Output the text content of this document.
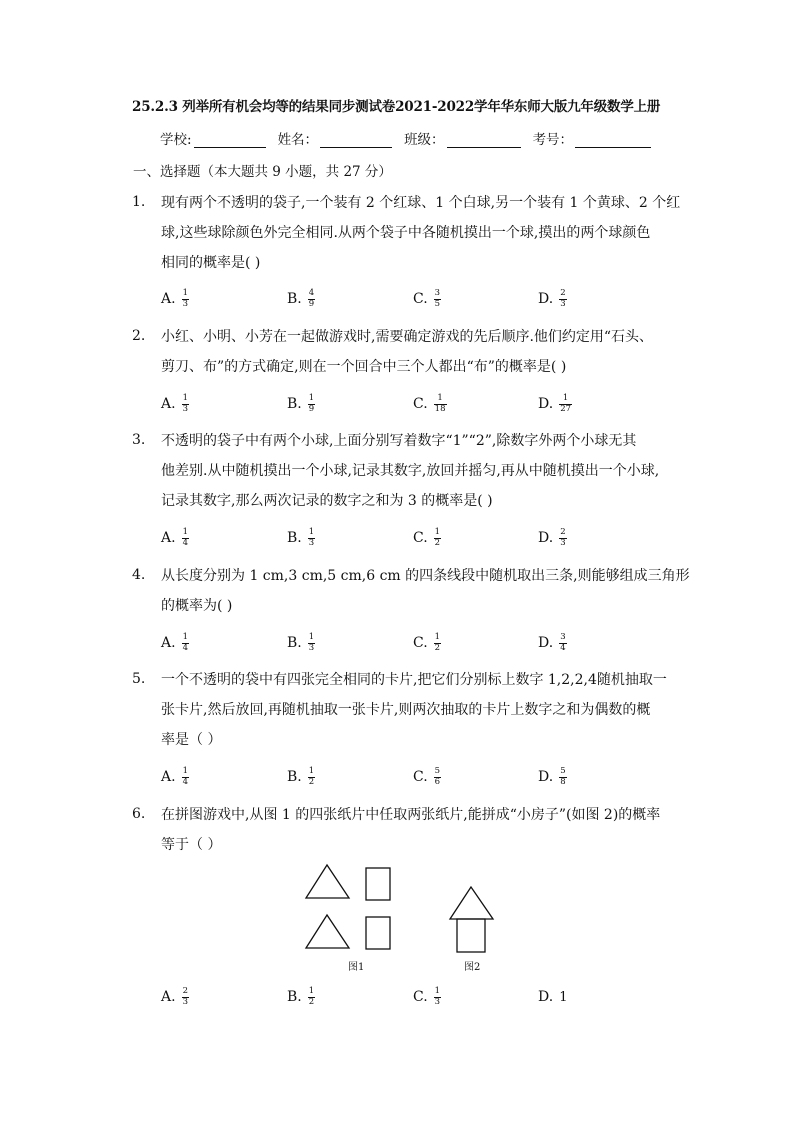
25.2.3 列举所有机会均等的结果同步测试卷2021-2022学年华东师大版九年级数学上册
学校:	姓名：	班级：	考号：
一、选择题（本大题共 9 小题，共 27 分）
1.	现有两个不透明的袋子,一个装有 2 个红球、1 个白球,另一个装有 1 个黄球、2 个红
球,这些球除颜色外完全相同.从两个袋子中各随机摸出一个球,摸出的两个球颜色
相同的概率是( )
A. $\frac{1}{3}$	B. $\frac{4}{9}$	C. $\frac{3}{5}$	D. $\frac{2}{3}$
2.	小红、小明、小芳在一起做游戏时,需要确定游戏的先后顺序.他们约定用“石头、
剪刀、布”的方式确定,则在一个回合中三个人都出“布”的概率是( )
A. $\frac{1}{3}$	B. $\frac{1}{9}$	C. $\frac{1}{18}$	D. $\frac{1}{27}$
3.	不透明的袋子中有两个小球,上面分别写着数字“1”“2”,除数字外两个小球无其
他差别.从中随机摸出一个小球,记录其数字,放回并摇匀,再从中随机摸出一个小球,
记录其数字,那么两次记录的数字之和为 3 的概率是( )
A. $\frac{1}{4}$	B. $\frac{1}{3}$	C. $\frac{1}{2}$	D. $\frac{2}{3}$
4.	从长度分别为 1 cm,3 cm,5 cm,6 cm 的四条线段中随机取出三条,则能够组成三角形
的概率为( )
A. $\frac{1}{4}$	B. $\frac{1}{3}$	C. $\frac{1}{2}$	D. $\frac{3}{4}$
5.	一个不透明的袋中有四张完全相同的卡片,把它们分别标上数字 1,2,2,4随机抽取一
张卡片,然后放回,再随机抽取一张卡片,则两次抽取的卡片上数字之和为偶数的概
率是（ ）
A. $\frac{1}{4}$	B. $\frac{1}{2}$	C. $\frac{5}{6}$	D. $\frac{5}{8}$
6.	在拼图游戏中,从图 1 的四张纸片中任取两张纸片,能拼成“小房子”(如图 2)的概率
等于（ ）
图1	图2
A. $\frac{2}{3}$	B. $\frac{1}{2}$	C. $\frac{1}{3}$	D. 1
